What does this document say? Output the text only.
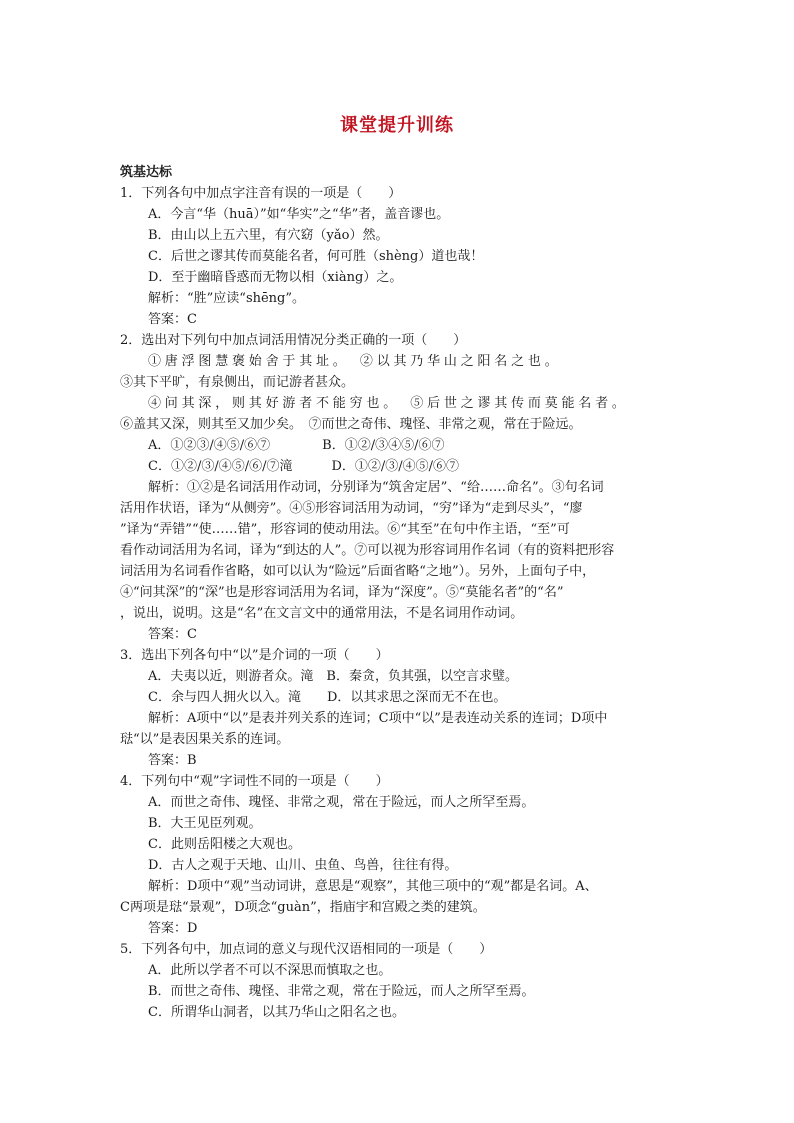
课堂提升训练
筑基达标
1．下列各句中加点字注音有误的一项是（　　）
A．今言“华（huā）”如“华实”之“华”者，盖音谬也。
B．由山以上五六里，有穴窈（yǎo）然。
C．后世之谬其传而莫能名者，何可胜（shèng）道也哉！
D．至于幽暗昏惑而无物以相（xiàng）之。
解析：“胜”应读“shēng”。
答案：C
2．选出对下列句中加点词活用情况分类正确的一项（　　）
①唐浮图慧褒始舍于其址。　②以其乃华山之阳名之也。
③其下平旷，有泉侧出，而记游者甚众。
④问其深，则其好游者不能穷也。　⑤后世之谬其传而莫能名者。
⑥盖其又深，则其至又加少矣。　⑦而世之奇伟、瑰怪、非常之观，常在于险远。
A．①②③/④⑤/⑥⑦　　　　B．①②/③④⑤/⑥⑦
C．①②/③/④⑤/⑥/⑦滝　　　D．①②/③/④⑤/⑥⑦
解析：①②是名词活用作动词，分别译为“筑舍定居”、“给……命名”。③句名词
活用作状语，译为“从侧旁”。④⑤形容词活用为动词，“穷”译为“走到尽头”，“廖
”译为“弄错”“使……错”，形容词的使动用法。⑥“其至”在句中作主语，“至”可
看作动词活用为名词，译为“到达的人”。⑦可以视为形容词用作名词（有的资料把形容
词活用为名词看作省略，如可以认为“险远”后面省略“之地”）。另外，上面句子中，
④“问其深”的“深”也是形容词活用为名词，译为“深度”。⑤“莫能名者”的“名”
，说出，说明。这是“名”在文言文中的通常用法，不是名词用作动词。
答案：C
3．选出下列各句中“以”是介词的一项（　　）
A．夫夷以近，则游者众。滝　B．秦贪，负其强，以空言求璧。
C．余与四人拥火以入。滝　　D．以其求思之深而无不在也。
解析：A项中“以”是表并列关系的连词；C项中“以”是表连动关系的连词；D项中
琺“以”是表因果关系的连词。
答案：B
4．下列句中“观”字词性不同的一项是（　　）
A．而世之奇伟、瑰怪、非常之观，常在于险远，而人之所罕至焉。
B．大王见臣列观。
C．此则岳阳楼之大观也。
D．古人之观于天地、山川、虫鱼、鸟兽，往往有得。
解析：D项中“观”当动词讲，意思是“观察”，其他三项中的“观”都是名词。A、
C两项是琺“景观”，D项念“guàn”，指庙宇和宫殿之类的建筑。
答案：D
5．下列各句中，加点词的意义与现代汉语相同的一项是（　　）
A．此所以学者不可以不深思而慎取之也。
B．而世之奇伟、瑰怪、非常之观，常在于险远，而人之所罕至焉。
C．所谓华山洞者，以其乃华山之阳名之也。
